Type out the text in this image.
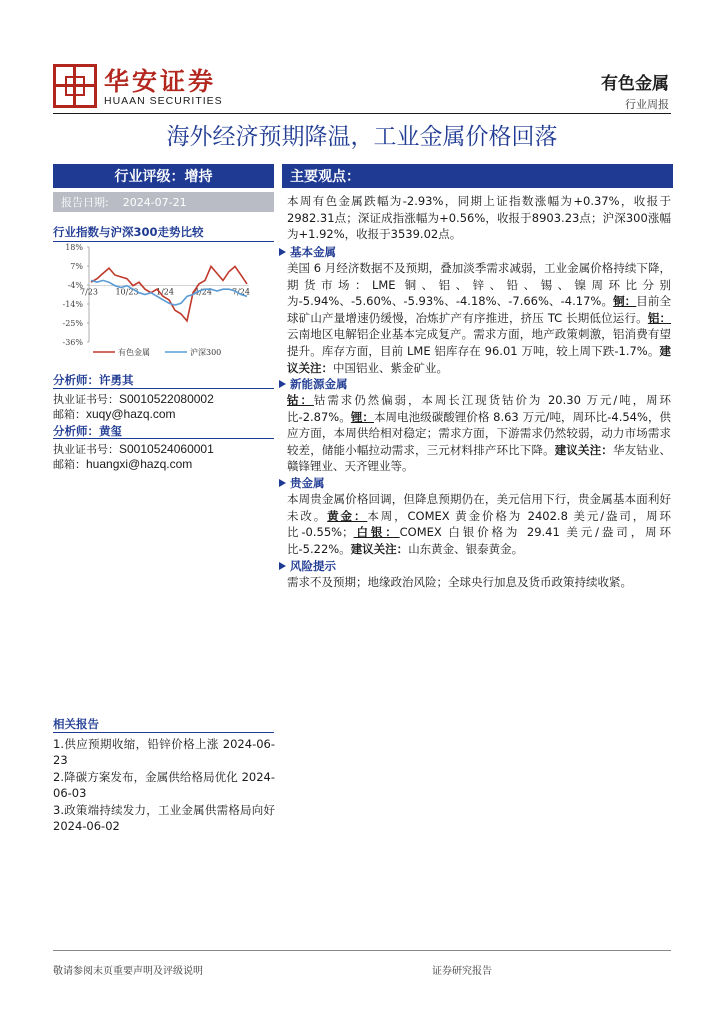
华安证券
HUAAN SECURITIES
有色金属
行业周报
海外经济预期降温，工业金属价格回落
行业评级：增持
报告日期: 2024-07-21
行业指数与沪深300走势比较
18%
7%
-4%
-14%
-25%
-36%
7/23 10/23 1/24	4/24	7/24
有色金属	沪深300
分析师：许勇其
执业证书号：S0010522080002
邮箱：xuqy@hazq.com
分析师：黄玺
执业证书号：S0010524060001
邮箱：huangxi@hazq.com
相关报告
1.供应预期收缩，铅锌价格上涨 2024-06-23
2.降碳方案发布，金属供给格局优化 2024-06-03
3.政策端持续发力，工业金属供需格局向好 2024-06-02
主要观点：

本周有色金属跌幅为-2.93%，同期上证指数涨幅为+0.37%，收报于2982.31点；深证成指涨幅为+0.56%，收报于8903.23点；沪深300涨幅为+1.92%，收报于3539.02点。

基本金属

美国 6 月经济数据不及预期，叠加淡季需求减弱，工业金属价格持续下降，期货市场：LME 铜、铝、锌、铅、锡、镍周环比分别为-5.94%、-5.60%、-5.93%、-4.18%、-7.66%、-4.17%。铜：目前全球矿山产量增速仍缓慢，冶炼扩产有序推进，挤压 TC 长期低位运行。铝：云南地区电解铝企业基本完成复产。需求方面，地产政策刺激，铝消费有望提升。库存方面，目前 LME 铝库存在 96.01 万吨，较上周下跌-1.7%。建议关注：中国铝业、紫金矿业。

新能源金属

钴：钴需求仍然偏弱，本周长江现货钴价为 20.30 万元/吨，周环比-2.87%。锂：本周电池级碳酸锂价格 8.63 万元/吨，周环比-4.54%，供应方面，本周供给相对稳定；需求方面，下游需求仍然较弱，动力市场需求较差，储能小幅拉动需求，三元材料排产环比下降。建议关注：华友钴业、赣锋锂业、天齐锂业等。

贵金属

本周贵金属价格回调，但降息预期仍在，美元信用下行，贵金属基本面利好未改。黄金：本周，COMEX 黄金价格为 2402.8 美元/盎司，周环比-0.55%；白银：COMEX 白银价格为 29.41 美元/盎司，周环比-5.22%。建议关注：山东黄金、银泰黄金。

风险提示

需求不及预期；地缘政治风险；全球央行加息及货币政策持续收紧。

敬请参阅末页重要声明及评级说明	证券研究报告
